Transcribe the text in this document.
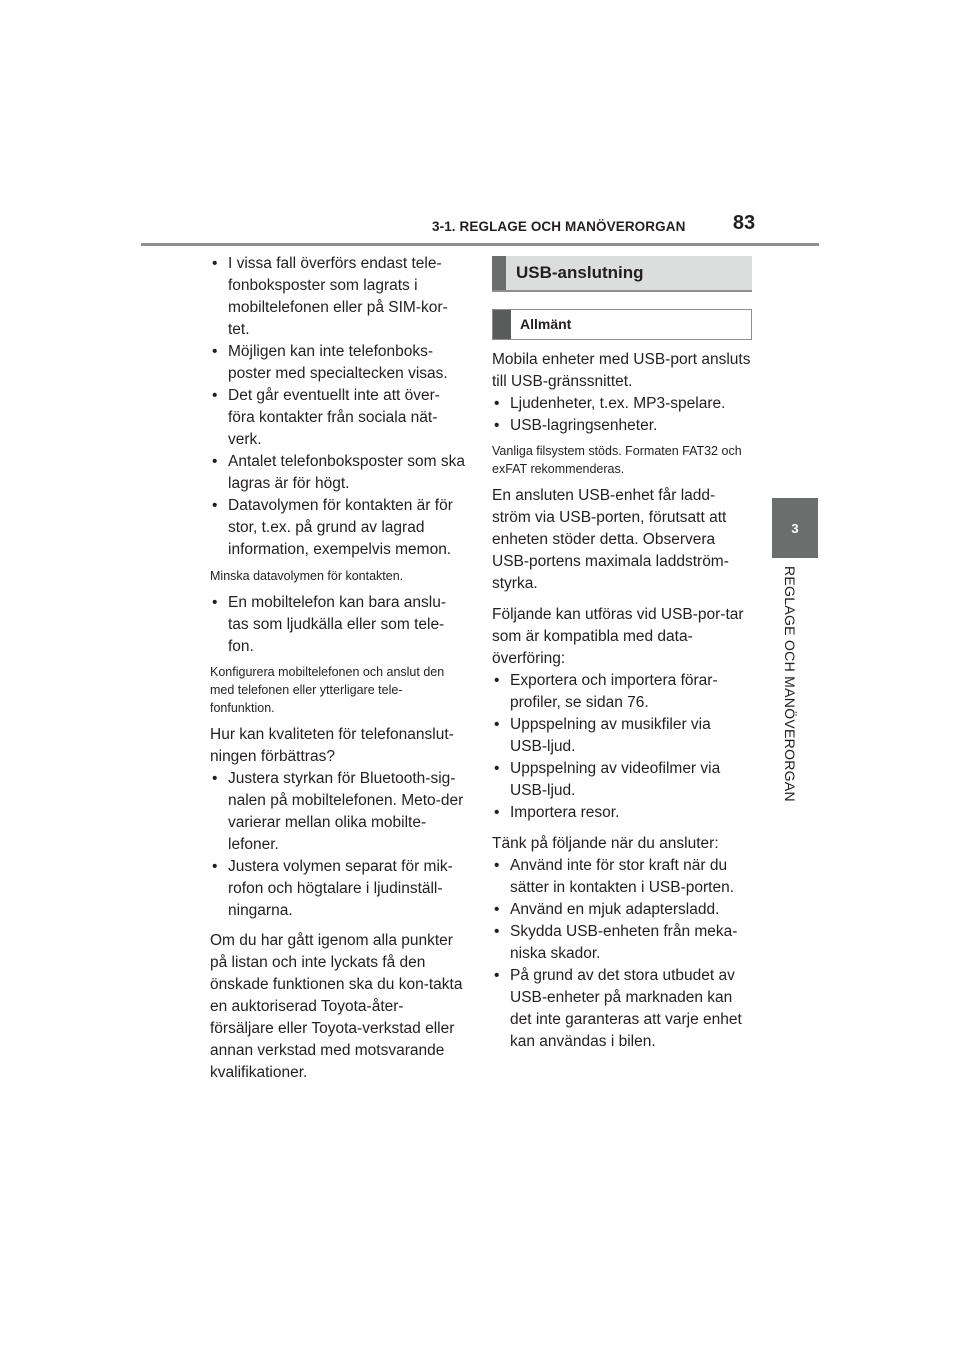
3-1. REGLAGE OCH MANÖVERORGAN	83
3
REGLAGE OCH MANÖVERORGAN
• I vissa fall överförs endast tele-fonboksposter som lagrats i mobiltelefonen eller på SIM-kor-tet.
• Möjligen kan inte telefonboks-poster med specialtecken visas.
• Det går eventuellt inte att över-föra kontakter från sociala nät-verk.
• Antalet telefonboksposter som ska lagras är för högt.
• Datavolymen för kontakten är för stor, t.ex. på grund av lagrad information, exempelvis memon.

Minska datavolymen för kontakten.

• En mobiltelefon kan bara anslu-tas som ljudkälla eller som tele-fon.

Konfigurera mobiltelefonen och anslut den med telefonen eller ytterligare tele-fonfunktion.

Hur kan kvaliteten för telefonanslut-ningen förbättras?

• Justera styrkan för Bluetooth-sig-nalen på mobiltelefonen. Meto-der varierar mellan olika mobilte-lefoner.
• Justera volymen separat för mik-rofon och högtalare i ljudinställ-ningarna.

Om du har gått igenom alla punkter på listan och inte lyckats få den önskade funktionen ska du kon-takta en auktoriserad Toyota-åter-försäljare eller Toyota-verkstad eller annan verkstad med motsvarande kvalifikationer.

USB-anslutning
Allmänt

Mobila enheter med USB-port ansluts till USB-gränssnittet.

• Ljudenheter, t.ex. MP3-spelare.
• USB-lagringsenheter.

Vanliga filsystem stöds. Formaten FAT32 och exFAT rekommenderas.

En ansluten USB-enhet får ladd-ström via USB-porten, förutsatt att enheten stöder detta. Observera USB-portens maximala laddström-styrka.

Följande kan utföras vid USB-por-tar som är kompatibla med data-överföring:

• Exportera och importera förar-profiler, se sidan 76.
• Uppspelning av musikfiler via USB-ljud.
• Uppspelning av videofilmer via USB-ljud.
• Importera resor.

Tänk på följande när du ansluter:

• Använd inte för stor kraft när du sätter in kontakten i USB-porten.
• Använd en mjuk adaptersladd.
• Skydda USB-enheten från meka-niska skador.
• På grund av det stora utbudet av USB-enheter på marknaden kan det inte garanteras att varje enhet kan användas i bilen.
